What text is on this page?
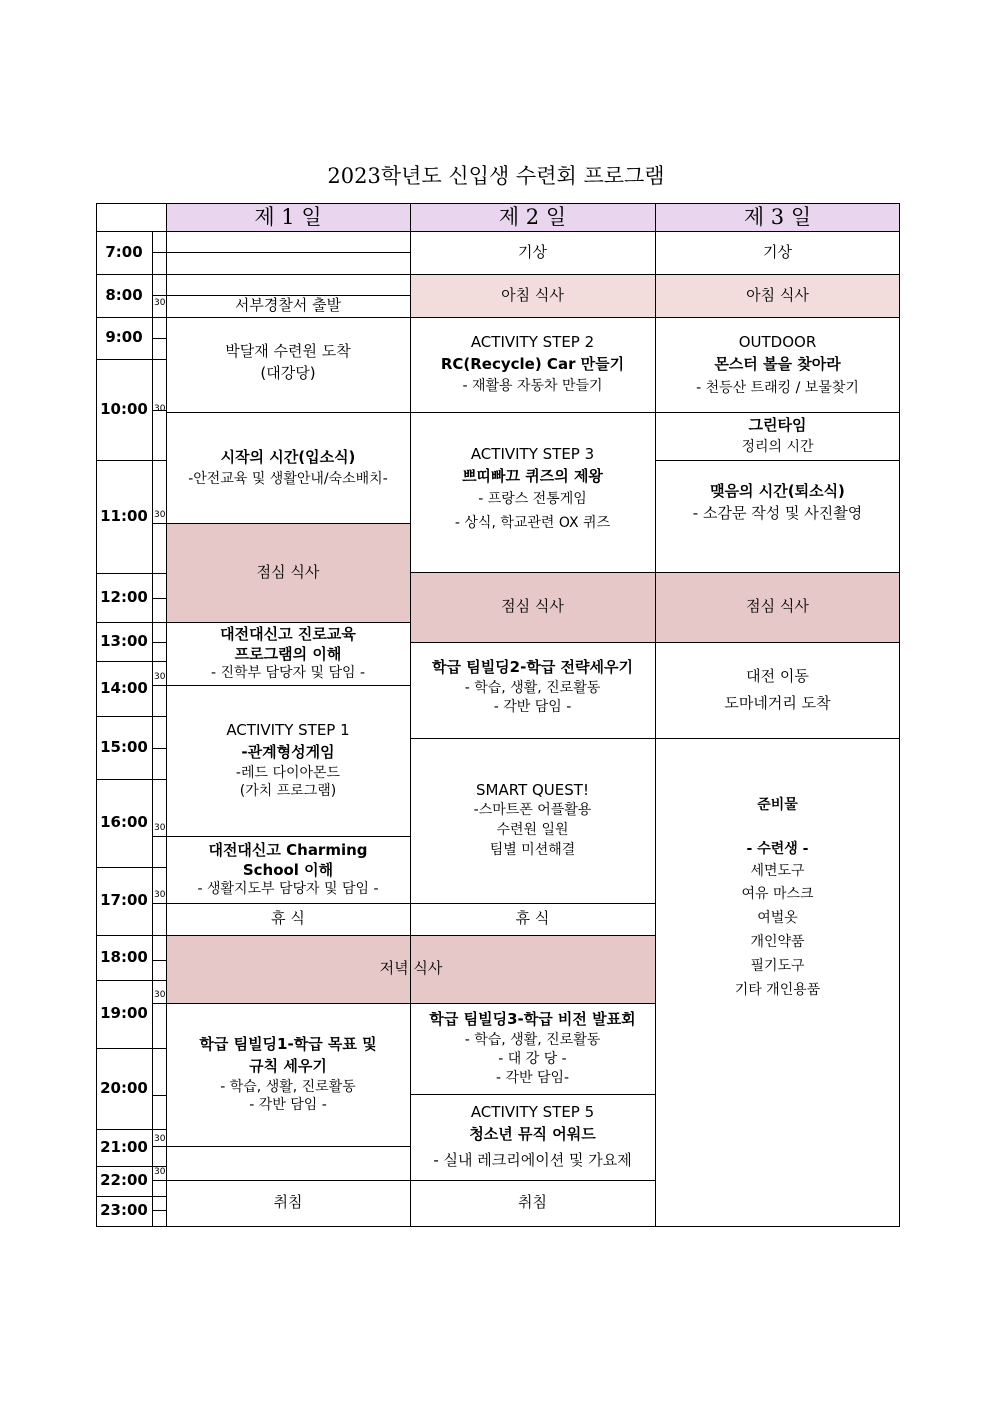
2023학년도 신입생 수련회 프로그램
제 1 일	제 2 일	제 3 일
7:00
8:00
9:00
10:00
11:00
12:00
13:00
14:00
15:00
16:00
17:00
18:00
19:00
20:00
21:00
22:00
23:00
30
30
30
30
30
30
30
30
30
서부경찰서 출발
박달재 수련원 도착
(대강당)
시작의 시간(입소식)
-안전교육 및 생활안내/숙소배치-
점심 식사
대전대신고 진로교육
프로그램의 이해
- 진학부 담당자 및 담임 -
ACTIVITY STEP 1
-관계형성게임
-레드 다이아몬드
(가치 프로그램)
대전대신고 Charming
School 이해
- 생활지도부 담당자 및 담임 -
휴 식
저녁 식사
학급 팀빌딩1-학급 목표 및
규칙 세우기
- 학습, 생활, 진로활동
- 각반 담임 -
취침
기상
아침 식사
ACTIVITY STEP 2
RC(Recycle) Car 만들기
- 재활용 자동차 만들기
ACTIVITY STEP 3
쁘띠빠끄 퀴즈의 제왕
- 프랑스 전통게임
- 상식, 학교관련 OX 퀴즈
점심 식사
학급 팀빌딩2-학급 전략세우기
- 학습, 생활, 진로활동
- 각반 담임 -
SMART QUEST!
-스마트폰 어플활용
수련원 일원
팀별 미션해결
휴 식
학급 팀빌딩3-학급 비전 발표회
- 학습, 생활, 진로활동
- 대 강 당 -
- 각반 담임-
ACTIVITY STEP 5
청소년 뮤직 어워드
- 실내 레크리에이션 및 가요제
취침
기상
아침 식사
OUTDOOR
몬스터 볼을 찾아라
- 천등산 트래킹 / 보물찾기
그린타임
정리의 시간
맺음의 시간(퇴소식)
- 소감문 작성 및 사진촬영
점심 식사
대전 이동
도마네거리 도착
준비물
- 수련생 -
세면도구
여유 마스크
여벌옷
개인약품
필기도구
기타 개인용품
